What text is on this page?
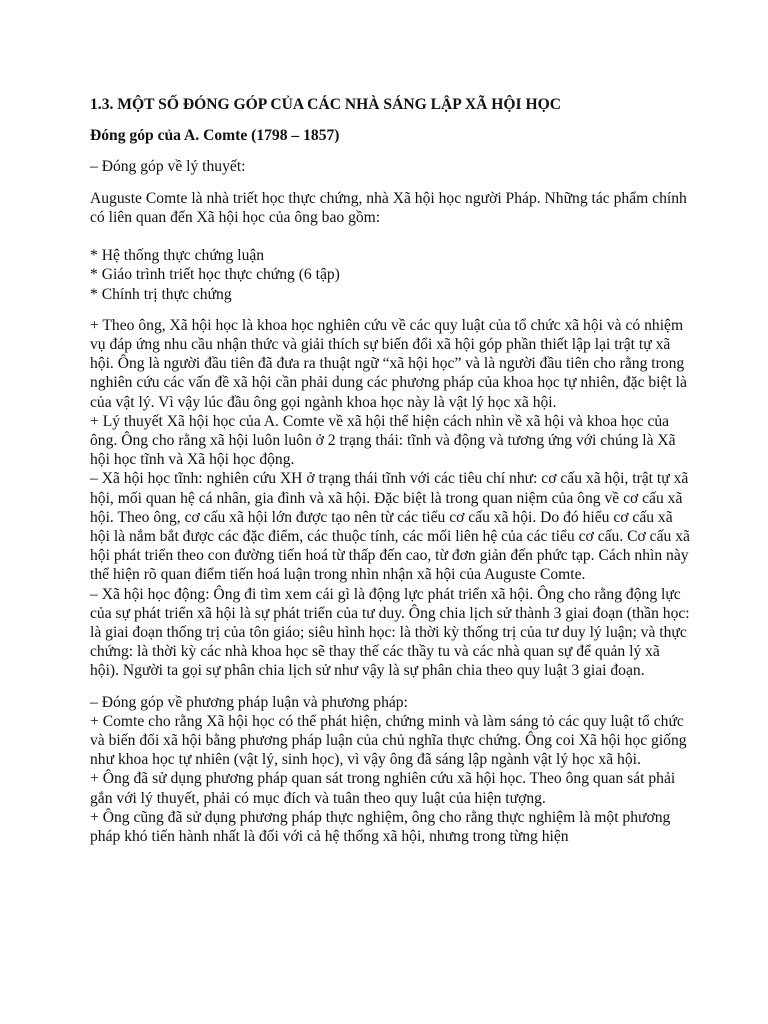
1.3. MỘT SỐ ĐÓNG GÓP CỦA CÁC NHÀ SÁNG LẬP XÃ HỘI HỌC

Đóng góp của A. Comte (1798 – 1857)

– Đóng góp về lý thuyết:

Auguste Comte là nhà triết học thực chứng, nhà Xã hội học người Pháp. Những tác phẩm chính có liên quan đến Xã hội học của ông bao gồm:

* Hệ thống thực chứng luận

* Giáo trình triết học thực chứng (6 tập)

* Chính trị thực chứng

+ Theo ông, Xã hội học là khoa học nghiên cứu về các quy luật của tổ chức xã hội và có nhiệm vụ đáp ứng nhu cầu nhận thức và giải thích sự biến đổi xã hội góp phần thiết lập lại trật tự xã hội. Ông là người đầu tiên đã đưa ra thuật ngữ “xã hội học” và là người đầu tiên cho rằng trong nghiên cứu các vấn đề xã hội cần phải dung các phương pháp của khoa học tự nhiên, đặc biệt là của vật lý. Vì vậy lúc đầu ông gọi ngành khoa học này là vật lý học xã hội.

+ Lý thuyết Xã hội học của A. Comte về xã hội thể hiện cách nhìn về xã hội và khoa học của ông. Ông cho rằng xã hội luôn luôn ở 2 trạng thái: tĩnh và động và tương ứng với chúng là Xã hội học tĩnh và Xã hội học động.

– Xã hội học tĩnh: nghiên cứu XH ở trạng thái tĩnh với các tiêu chí như: cơ cấu xã hội, trật tự xã hội, mối quan hệ cá nhân, gia đình và xã hội. Đặc biệt là trong quan niệm của ông về cơ cấu xã hội. Theo ông, cơ cấu xã hội lớn được tạo nên từ các tiểu cơ cấu xã hội. Do đó hiểu cơ cấu xã hội là nắm bắt được các đặc điểm, các thuộc tính, các mối liên hệ của các tiểu cơ cấu. Cơ cấu xã hội phát triển theo con đường tiến hoá từ thấp đến cao, từ đơn giản đến phức tạp. Cách nhìn này thể hiện rõ quan điểm tiến hoá luận trong nhìn nhận xã hội của Auguste Comte.

– Xã hội học động: Ông đi tìm xem cái gì là động lực phát triển xã hội. Ông cho rằng động lực của sự phát triển xã hội là sự phát triển của tư duy. Ông chia lịch sử thành 3 giai đoạn (thần học: là giai đoạn thống trị của tôn giáo; siêu hình học: là thời kỳ thống trị của tư duy lý luận; và thực chứng: là thời kỳ các nhà khoa học sẽ thay thế các thầy tu và các nhà quan sự để quản lý xã hội). Người ta gọi sự phân chia lịch sử như vậy là sự phân chia theo quy luật 3 giai đoạn.

– Đóng góp về phương pháp luận và phương pháp:

+ Comte cho rằng Xã hội học có thể phát hiện, chứng minh và làm sáng tỏ các quy luật tổ chức và biến đổi xã hội bằng phương pháp luận của chủ nghĩa thực chứng. Ông coi Xã hội học giống như khoa học tự nhiên (vật lý, sinh học), vì vậy ông đã sáng lập ngành vật lý học xã hội.

+ Ông đã sử dụng phương pháp quan sát trong nghiên cứu xã hội học. Theo ông quan sát phải gắn với lý thuyết, phải có mục đích và tuân theo quy luật của hiện tượng.

+ Ông cũng đã sử dụng phương pháp thực nghiệm, ông cho rằng thực nghiệm là một phương pháp khó tiến hành nhất là đối với cả hệ thống xã hội, nhưng trong từng hiện
